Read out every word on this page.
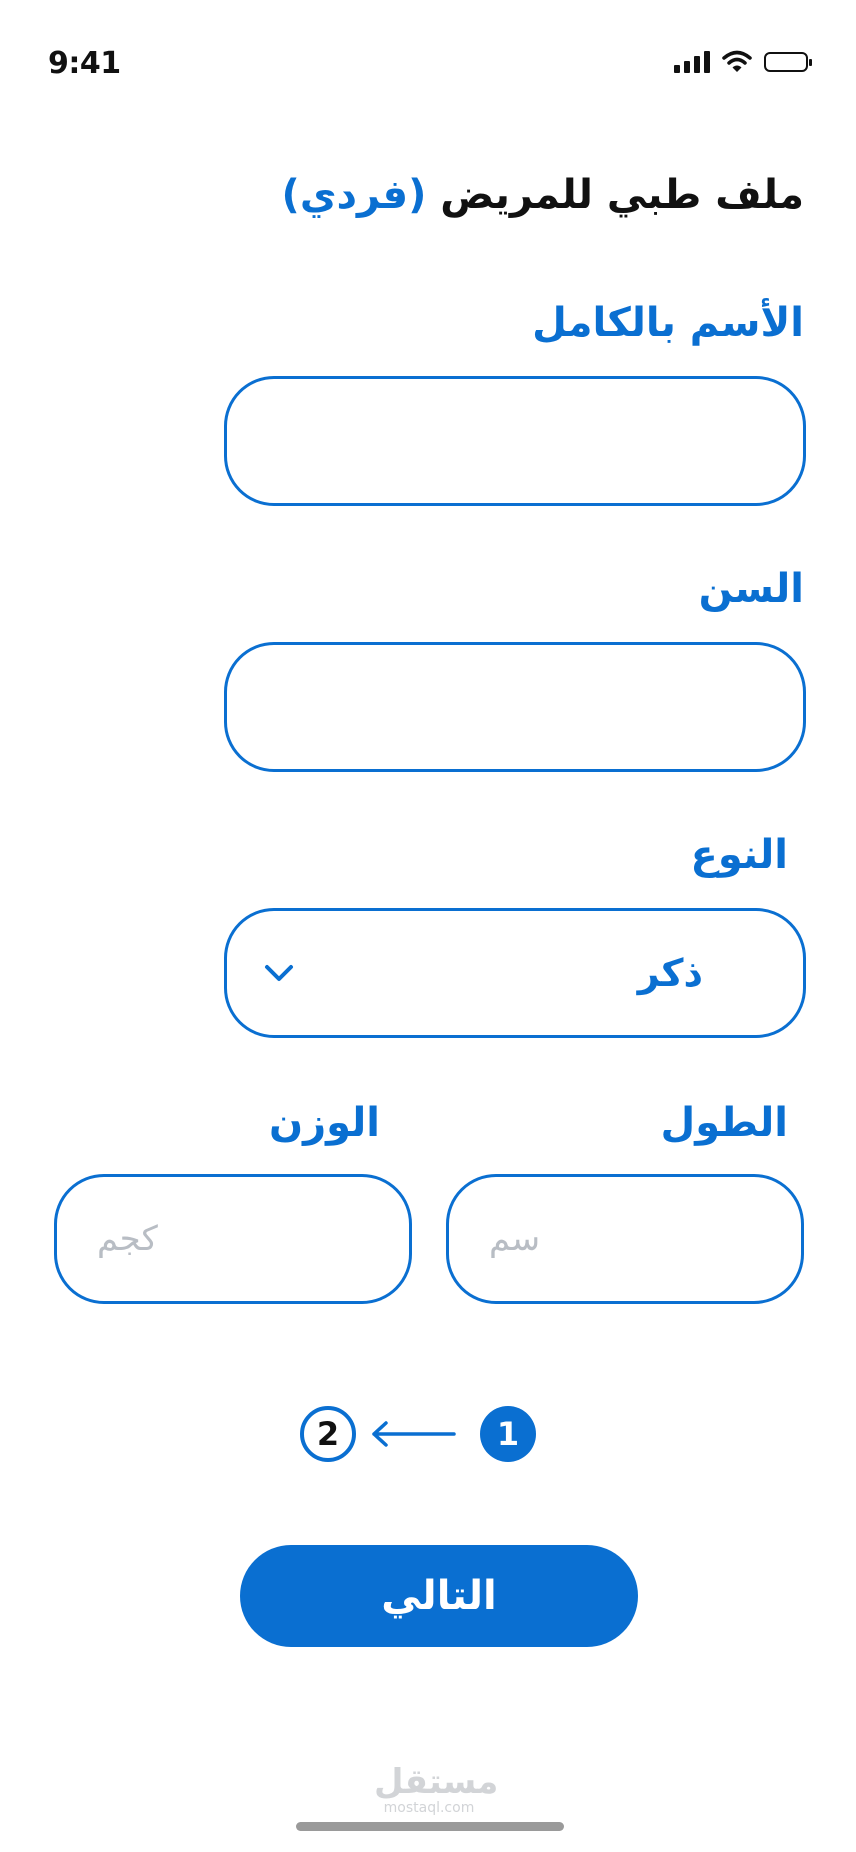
9:41
ملف طبي للمريض (فردي)
الأسم بالكامل
السن
النوع
ذكر
الطول
الوزن
سم
كجم
2	1
التالي
مستقل
mostaql.com
